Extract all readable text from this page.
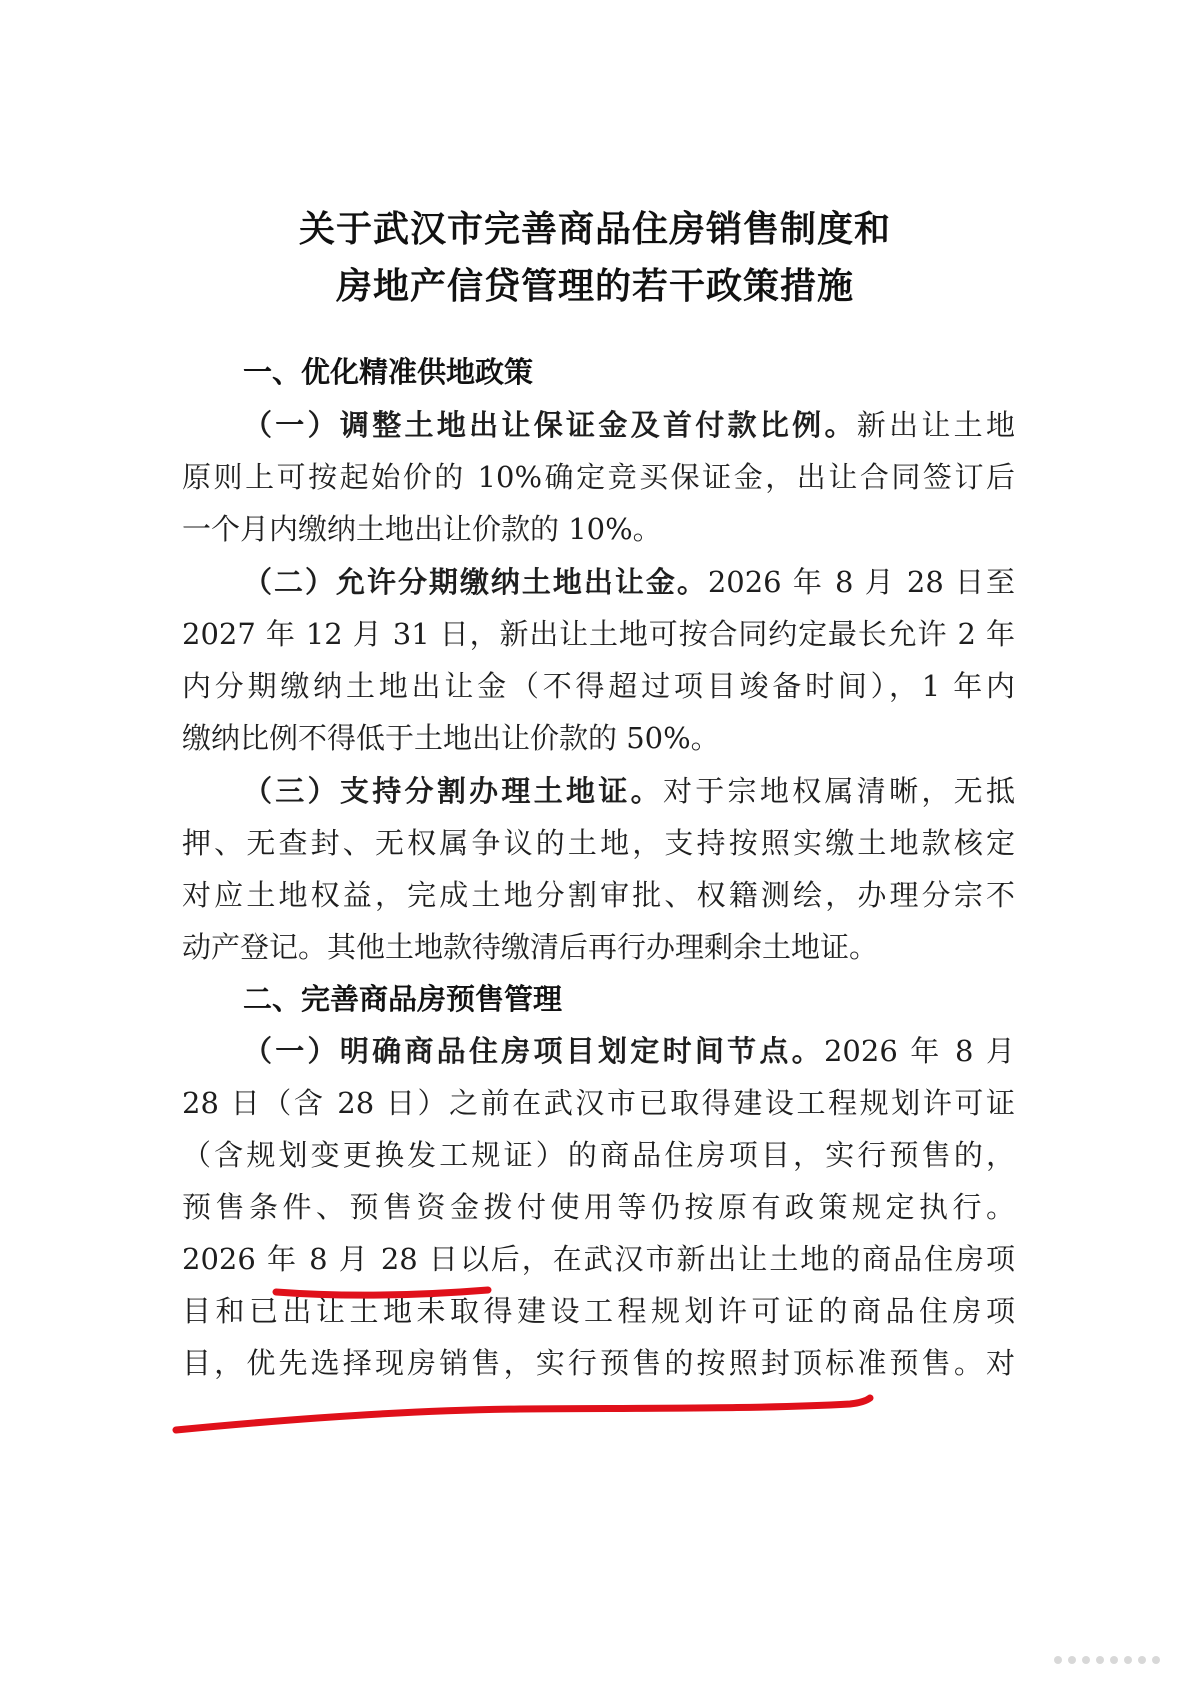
关于武汉市完善商品住房销售制度和
房地产信贷管理的若干政策措施
一、优化精准供地政策
（一）调整土地出让保证金及首付款比例。新出让土地
原则上可按起始价的 10%确定竞买保证金，出让合同签订后
一个月内缴纳土地出让价款的 10%。
（二）允许分期缴纳土地出让金。2026 年 8 月 28 日至
2027 年 12 月 31 日，新出让土地可按合同约定最长允许 2 年
内分期缴纳土地出让金（不得超过项目竣备时间），1 年内
缴纳比例不得低于土地出让价款的 50%。
（三）支持分割办理土地证。对于宗地权属清晰，无抵
押、无查封、无权属争议的土地，支持按照实缴土地款核定
对应土地权益，完成土地分割审批、权籍测绘，办理分宗不
动产登记。其他土地款待缴清后再行办理剩余土地证。
二、完善商品房预售管理
（一）明确商品住房项目划定时间节点。2026 年 8 月
28 日（含 28 日）之前在武汉市已取得建设工程规划许可证
（含规划变更换发工规证）的商品住房项目，实行预售的，
预售条件、预售资金拨付使用等仍按原有政策规定执行。
2026 年 8 月 28 日以后，在武汉市新出让土地的商品住房项
目和已出让土地未取得建设工程规划许可证的商品住房项
目，优先选择现房销售，实行预售的按照封顶标准预售。对
